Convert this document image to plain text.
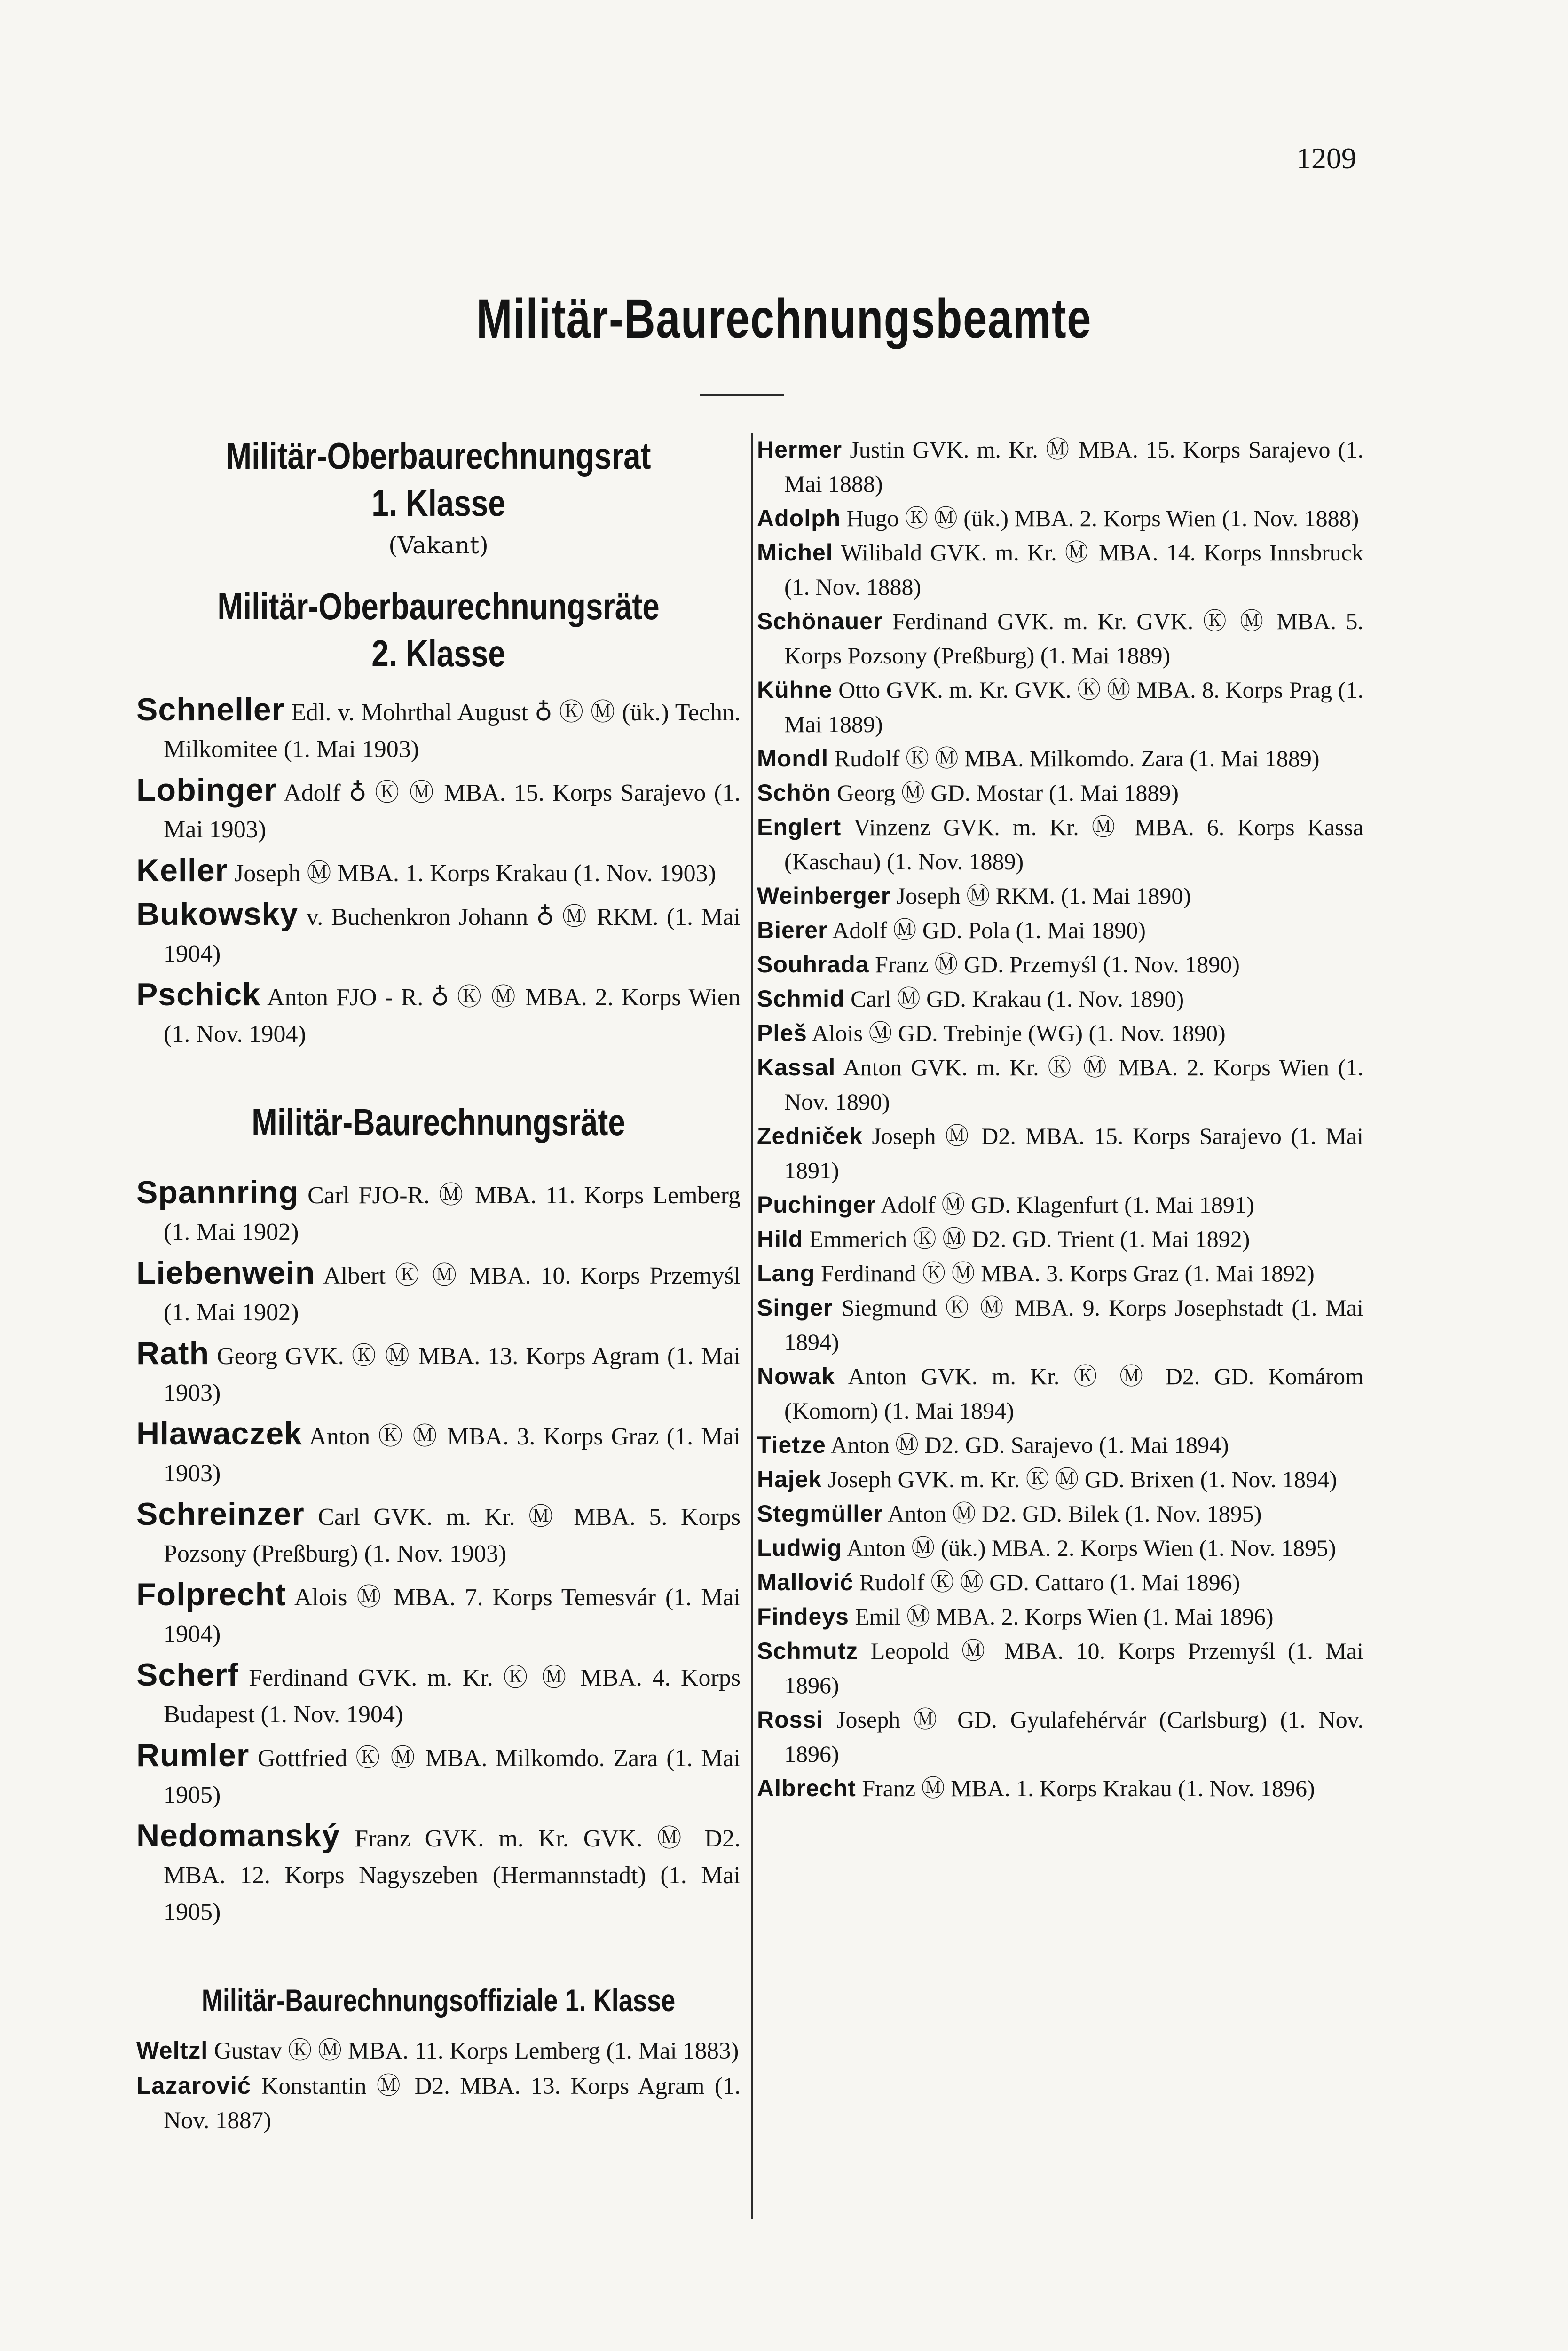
1209
Militär-Baurechnungsbeamte
Militär-Oberbaurechnungsrat
1. Klasse
(Vakant)
Militär-Oberbaurechnungsräte
2. Klasse
Schneller Edl. v. Mohrthal August ♁ Ⓚ Ⓜ (ük.) Techn. Milkomitee (1. Mai 1903)
Lobinger Adolf ♁ Ⓚ Ⓜ MBA. 15. Korps Sarajevo (1. Mai 1903)
Keller Joseph Ⓜ MBA. 1. Korps Krakau (1. Nov. 1903)
Bukowsky v. Buchenkron Johann ♁ Ⓜ RKM. (1. Mai 1904)
Pschick Anton FJO - R. ♁ Ⓚ Ⓜ MBA. 2. Korps Wien (1. Nov. 1904)
Militär-Baurechnungsräte
Spannring Carl FJO-R. Ⓜ MBA. 11. Korps Lemberg (1. Mai 1902)
Liebenwein Albert Ⓚ Ⓜ MBA. 10. Korps Przemyśl (1. Mai 1902)
Rath Georg GVK. Ⓚ Ⓜ MBA. 13. Korps Agram (1. Mai 1903)
Hlawaczek Anton Ⓚ Ⓜ MBA. 3. Korps Graz (1. Mai 1903)
Schreinzer Carl GVK. m. Kr. Ⓜ MBA. 5. Korps Pozsony (Preßburg) (1. Nov. 1903)
Folprecht Alois Ⓜ MBA. 7. Korps Temesvár (1. Mai 1904)
Scherf Ferdinand GVK. m. Kr. Ⓚ Ⓜ MBA. 4. Korps Budapest (1. Nov. 1904)
Rumler Gottfried Ⓚ Ⓜ MBA. Milkomdo. Zara (1. Mai 1905)
Nedomanský Franz GVK. m. Kr. GVK. Ⓜ D2. MBA. 12. Korps Nagyszeben (Hermannstadt) (1. Mai 1905)
Militär-Baurechnungsoffiziale 1. Klasse
Weltzl Gustav Ⓚ Ⓜ MBA. 11. Korps Lemberg (1. Mai 1883)
Lazarović Konstantin Ⓜ D2. MBA. 13. Korps Agram (1. Nov. 1887)
Hermer Justin GVK. m. Kr. Ⓜ MBA. 15. Korps Sarajevo (1. Mai 1888)
Adolph Hugo Ⓚ Ⓜ (ük.) MBA. 2. Korps Wien (1. Nov. 1888)
Michel Wilibald GVK. m. Kr. Ⓜ MBA. 14. Korps Innsbruck (1. Nov. 1888)
Schönauer Ferdinand GVK. m. Kr. GVK. Ⓚ Ⓜ MBA. 5. Korps Pozsony (Preßburg) (1. Mai 1889)
Kühne Otto GVK. m. Kr. GVK. Ⓚ Ⓜ MBA. 8. Korps Prag (1. Mai 1889)
Mondl Rudolf Ⓚ Ⓜ MBA. Milkomdo. Zara (1. Mai 1889)
Schön Georg Ⓜ GD. Mostar (1. Mai 1889)
Englert Vinzenz GVK. m. Kr. Ⓜ MBA. 6. Korps Kassa (Kaschau) (1. Nov. 1889)
Weinberger Joseph Ⓜ RKM. (1. Mai 1890)
Bierer Adolf Ⓜ GD. Pola (1. Mai 1890)
Souhrada Franz Ⓜ GD. Przemyśl (1. Nov. 1890)
Schmid Carl Ⓜ GD. Krakau (1. Nov. 1890)
Pleš Alois Ⓜ GD. Trebinje (WG) (1. Nov. 1890)
Kassal Anton GVK. m. Kr. Ⓚ Ⓜ MBA. 2. Korps Wien (1. Nov. 1890)
Zedniček Joseph Ⓜ D2. MBA. 15. Korps Sarajevo (1. Mai 1891)
Puchinger Adolf Ⓜ GD. Klagenfurt (1. Mai 1891)
Hild Emmerich Ⓚ Ⓜ D2. GD. Trient (1. Mai 1892)
Lang Ferdinand Ⓚ Ⓜ MBA. 3. Korps Graz (1. Mai 1892)
Singer Siegmund Ⓚ Ⓜ MBA. 9. Korps Josephstadt (1. Mai 1894)
Nowak Anton GVK. m. Kr. Ⓚ Ⓜ D2. GD. Komárom (Komorn) (1. Mai 1894)
Tietze Anton Ⓜ D2. GD. Sarajevo (1. Mai 1894)
Hajek Joseph GVK. m. Kr. Ⓚ Ⓜ GD. Brixen (1. Nov. 1894)
Stegmüller Anton Ⓜ D2. GD. Bilek (1. Nov. 1895)
Ludwig Anton Ⓜ (ük.) MBA. 2. Korps Wien (1. Nov. 1895)
Mallović Rudolf Ⓚ Ⓜ GD. Cattaro (1. Mai 1896)
Findeys Emil Ⓜ MBA. 2. Korps Wien (1. Mai 1896)
Schmutz Leopold Ⓜ MBA. 10. Korps Przemyśl (1. Mai 1896)
Rossi Joseph Ⓜ GD. Gyulafehérvár (Carlsburg) (1. Nov. 1896)
Albrecht Franz Ⓜ MBA. 1. Korps Krakau (1. Nov. 1896)
